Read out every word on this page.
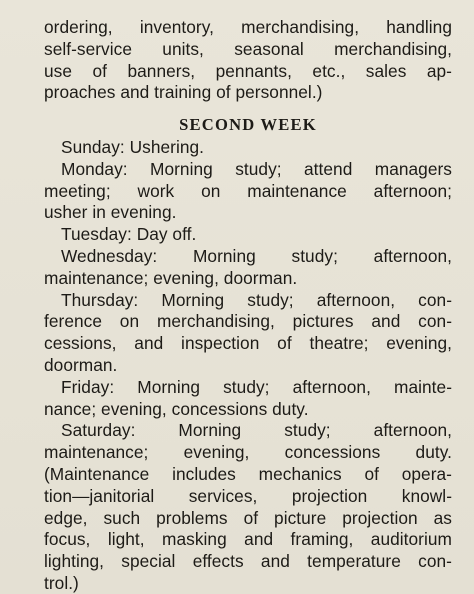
ordering, inventory, merchandising, handling
self-service units, seasonal merchandising,
use of banners, pennants, etc., sales ap-
proaches and training of personnel.)
SECOND WEEK
Sunday: Ushering.
Monday: Morning study; attend managers
meeting; work on maintenance afternoon;
usher in evening.
Tuesday: Day off.
Wednesday: Morning study; afternoon,
maintenance; evening, doorman.
Thursday: Morning study; afternoon, con-
ference on merchandising, pictures and con-
cessions, and inspection of theatre; evening,
doorman.
Friday: Morning study; afternoon, mainte-
nance; evening, concessions duty.
Saturday: Morning study; afternoon,
maintenance; evening, concessions duty.
(Maintenance includes mechanics of opera-
tion—janitorial services, projection knowl-
edge, such problems of picture projection as
focus, light, masking and framing, auditorium
lighting, special effects and temperature con-
trol.)
